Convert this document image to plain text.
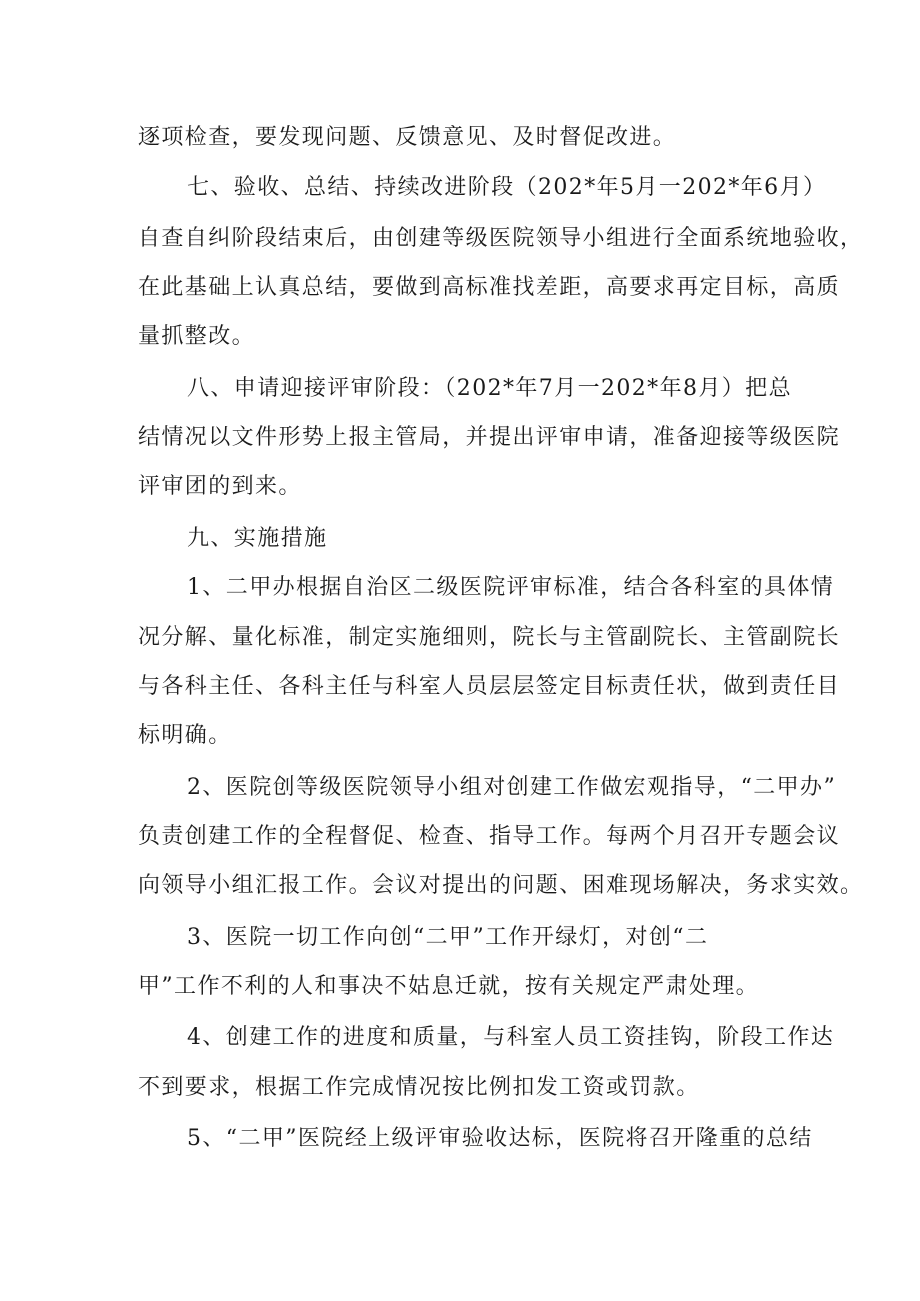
逐项检查，要发现问题、反馈意见、及时督促改进。
七、验收、总结、持续改进阶段（202*年5月一202*年6月）
自查自纠阶段结束后，由创建等级医院领导小组进行全面系统地验收，
在此基础上认真总结，要做到高标准找差距，高要求再定目标，高质
量抓整改。
八、申请迎接评审阶段：（202*年7月一202*年8月）把总
结情况以文件形势上报主管局，并提出评审申请，准备迎接等级医院
评审团的到来。
九、实施措施
1、二甲办根据自治区二级医院评审标准，结合各科室的具体情
况分解、量化标准，制定实施细则，院长与主管副院长、主管副院长
与各科主任、各科主任与科室人员层层签定目标责任状，做到责任目
标明确。
2、医院创等级医院领导小组对创建工作做宏观指导，“二甲办”
负责创建工作的全程督促、检查、指导工作。每两个月召开专题会议
向领导小组汇报工作。会议对提出的问题、困难现场解决，务求实效。
3、医院一切工作向创“二甲”工作开绿灯，对创“二
甲”工作不利的人和事决不姑息迁就，按有关规定严肃处理。
4、创建工作的进度和质量，与科室人员工资挂钩，阶段工作达
不到要求，根据工作完成情况按比例扣发工资或罚款。
5、“二甲”医院经上级评审验收达标，医院将召开隆重的总结
